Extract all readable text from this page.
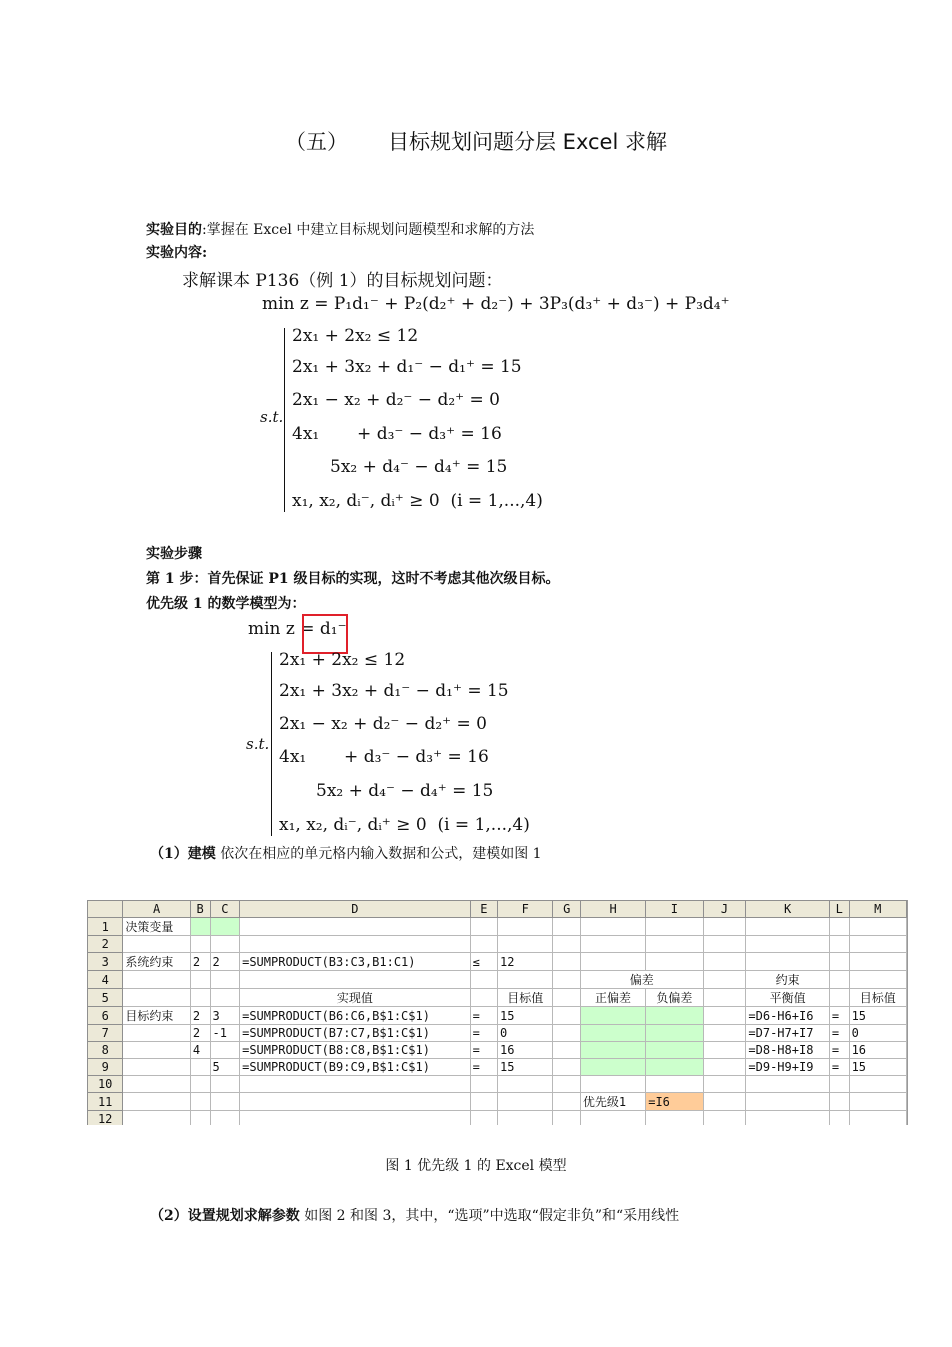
（五） 目标规划问题分层 Excel 求解
实验目的:掌握在 Excel 中建立目标规划问题模型和求解的方法
实验内容:
求解课本 P136（例 1）的目标规划问题：
min z = P₁d₁⁻ + P₂(d₂⁺ + d₂⁻) + 3P₃(d₃⁺ + d₃⁻) + P₃d₄⁺
s.t.
2x₁ + 2x₂ ≤ 12
2x₁ + 3x₂ + d₁⁻ − d₁⁺ = 15
2x₁ − x₂ + d₂⁻ − d₂⁺ = 0
4x₁       + d₃⁻ − d₃⁺ = 16
5x₂ + d₄⁻ − d₄⁺ = 15
x₁, x₂, dᵢ⁻, dᵢ⁺ ≥ 0  (i = 1,...,4)
实验步骤
第 1 步：首先保证 P1 级目标的实现，这时不考虑其他次级目标。
优先级 1 的数学模型为：
min z = d₁⁻
s.t.
2x₁ + 2x₂ ≤ 12
2x₁ + 3x₂ + d₁⁻ − d₁⁺ = 15
2x₁ − x₂ + d₂⁻ − d₂⁺ = 0
4x₁       + d₃⁻ − d₃⁺ = 16
5x₂ + d₄⁻ − d₄⁺ = 15
x₁, x₂, dᵢ⁻, dᵢ⁺ ≥ 0  (i = 1,...,4)
（1）建模 依次在相应的单元格内输入数据和公式，建模如图 1
	A	B	C	D	E	F	G	H	I	J	K	L	M
1	决策变量												
2													
3	系统约束	2	2	=SUMPRODUCT(B3:C3,B1:C1)	≤	12							
4								偏差			约束		
5				实现值		目标值		正偏差	负偏差		平衡值		目标值
6	目标约束	2	3	=SUMPRODUCT(B6:C6,B$1:C$1)	=	15					=D6-H6+I6	=	15
7		2	-1	=SUMPRODUCT(B7:C7,B$1:C$1)	=	0					=D7-H7+I7	=	0
8		4		=SUMPRODUCT(B8:C8,B$1:C$1)	=	16					=D8-H8+I8	=	16
9			5	=SUMPRODUCT(B9:C9,B$1:C$1)	=	15					=D9-H9+I9	=	15
10													
11								优先级1	=I6				
12													
图 1 优先级 1 的 Excel 模型
（2）设置规划求解参数 如图 2 和图 3，其中，“选项”中选取“假定非负”和“采用线性
